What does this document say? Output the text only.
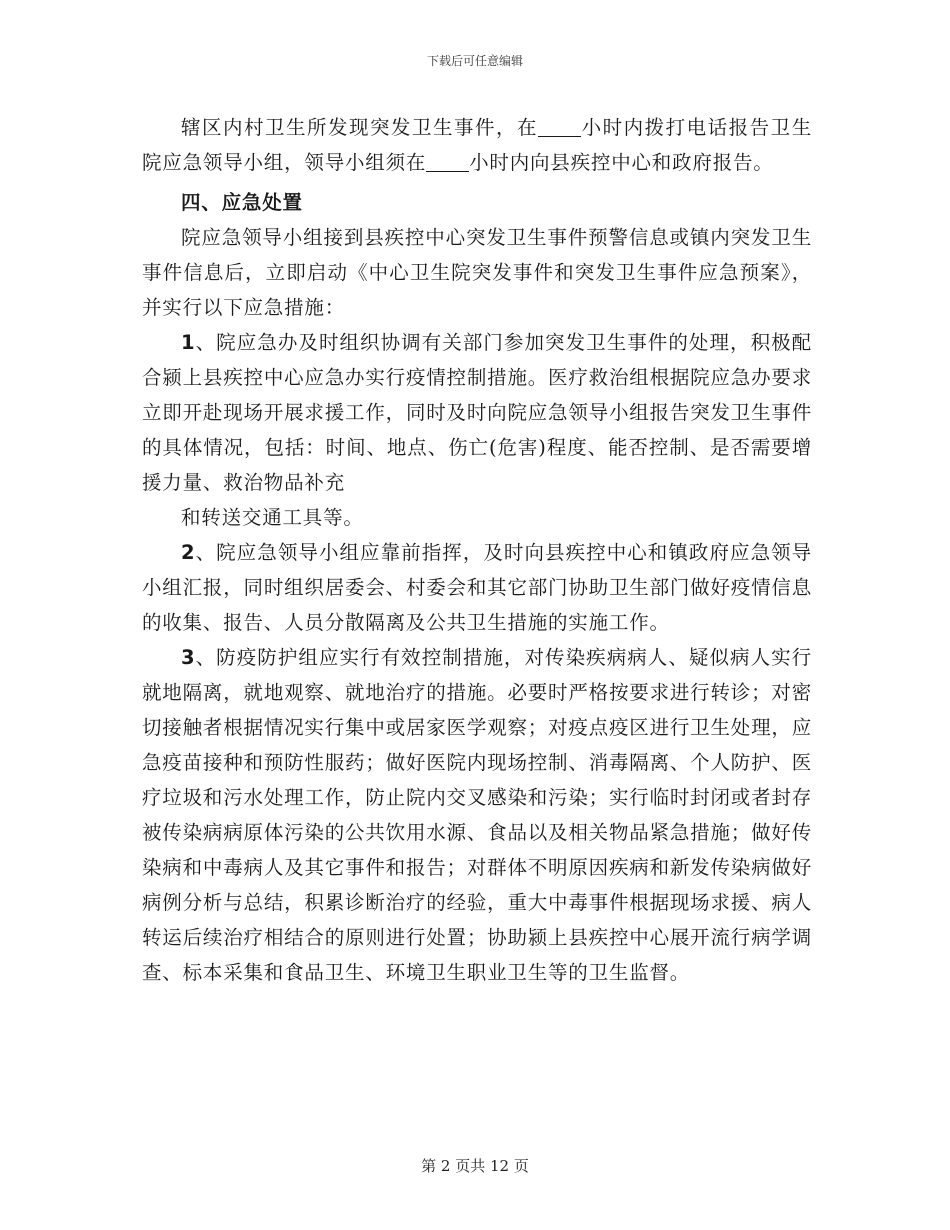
下载后可任意编辑

辖区内村卫生所发现突发卫生事件，在 小时内拨打电话报告卫生院应急领导小组，领导小组须在 小时内向县疾控中心和政府报告。

四、应急处置

院应急领导小组接到县疾控中心突发卫生事件预警信息或镇内突发卫生事件信息后，立即启动《中心卫生院突发事件和突发卫生事件应急预案》，并实行以下应急措施：

1、院应急办及时组织协调有关部门参加突发卫生事件的处理，积极配合颍上县疾控中心应急办实行疫情控制措施。医疗救治组根据院应急办要求立即开赴现场开展求援工作，同时及时向院应急领导小组报告突发卫生事件的具体情况，包括：时间、地点、伤亡(危害)程度、能否控制、是否需要增援力量、救治物品补充

和转送交通工具等。

2、院应急领导小组应靠前指挥，及时向县疾控中心和镇政府应急领导小组汇报，同时组织居委会、村委会和其它部门协助卫生部门做好疫情信息的收集、报告、人员分散隔离及公共卫生措施的实施工作。

3、防疫防护组应实行有效控制措施，对传染疾病病人、疑似病人实行就地隔离，就地观察、就地治疗的措施。必要时严格按要求进行转诊；对密切接触者根据情况实行集中或居家医学观察；对疫点疫区进行卫生处理，应急疫苗接种和预防性服药；做好医院内现场控制、消毒隔离、个人防护、医疗垃圾和污水处理工作，防止院内交叉感染和污染；实行临时封闭或者封存被传染病病原体污染的公共饮用水源、食品以及相关物品紧急措施；做好传染病和中毒病人及其它事件和报告；对群体不明原因疾病和新发传染病做好病例分析与总结，积累诊断治疗的经验，重大中毒事件根据现场求援、病人转运后续治疗相结合的原则进行处置；协助颍上县疾控中心展开流行病学调查、标本采集和食品卫生、环境卫生职业卫生等的卫生监督。

第 2 页共 12 页
